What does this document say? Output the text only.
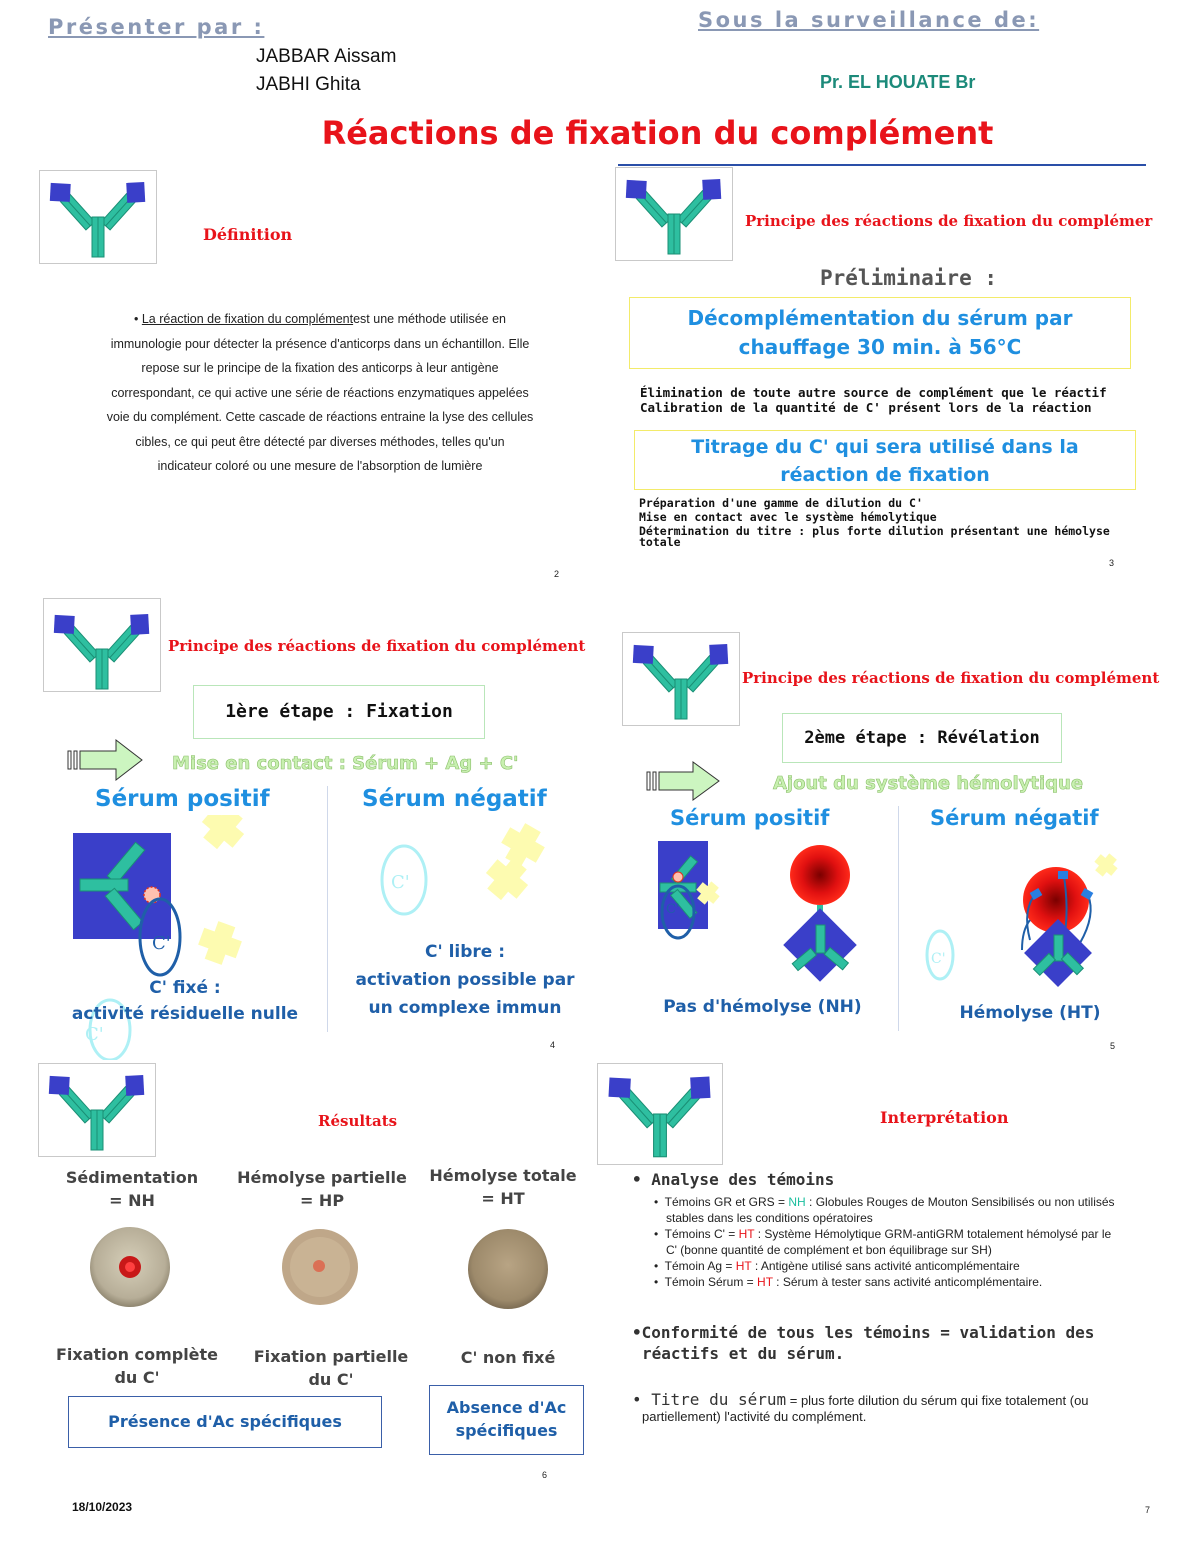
Présenter par :
JABBAR Aissam
JABHI Ghita
Sous la surveillance de:
Pr. EL HOUATE Br
Réactions de fixation du complément
Définition
• La réaction de fixation du complémentest une méthode utilisée en
immunologie pour détecter la présence d'anticorps dans un échantillon. Elle
repose sur le principe de la fixation des anticorps à leur antigène
correspondant, ce qui active une série de réactions enzymatiques appelées
voie du complément. Cette cascade de réactions entraine la lyse des cellules
cibles, ce qui peut être détecté par diverses méthodes, telles qu'un
indicateur coloré ou une mesure de l'absorption de lumière
2
Principe des réactions de fixation du complémer
Préliminaire :
Décomplémentation du sérum par
chauffage 30 min. à 56°C
Élimination de toute autre source de complément que le réactif
Calibration de la quantité de C' présent lors de la réaction
Titrage du C' qui sera utilisé dans la
réaction de fixation
Préparation d'une gamme de dilution du C'
Mise en contact avec le système hémolytique
Détermination du titre : plus forte dilution présentant une hémolyse
totale
3
Principe des réactions de fixation du complément
1ère étape : Fixation
Mise en contact : Sérum + Ag + C'
Sérum positif	Sérum négatif
C'
C'
C'
C' fixé :
activité résiduelle nulle
C' libre :
activation possible par
un complexe immun
4
Principe des réactions de fixation du complément
2ème étape : Révélation
Ajout du système hémolytique
Sérum positif	Sérum négatif
C'
C'
Pas d'hémolyse (NH)	Hémolyse (HT)
5
Résultats
Sédimentation
= NH
Hémolyse partielle
= HP
Hémolyse totale
= HT
Fixation complète
du C'
Fixation partielle
du C'
C' non fixé
Présence d'Ac spécifiques
Absence d'Ac
spécifiques
6
Interprétation
• Analyse des témoins
•  Témoins GR et GRS = NH : Globules Rouges de Mouton Sensibilisés ou non utilisés
stables dans les conditions opératoires
•  Témoins C' = HT : Système Hémolytique GRM-antiGRM totalement hémolysé par le
C' (bonne quantité de complément et bon équilibrage sur SH)
•  Témoin Ag = HT : Antigène utilisé sans activité anticomplémentaire
•  Témoin Sérum = HT : Sérum à tester sans activité anticomplémentaire.
•Conformité de tous les témoins = validation des
réactifs et du sérum.
• Titre du sérum = plus forte dilution du sérum qui fixe totalement (ou
partiellement) l'activité du complément.
7
18/10/2023
